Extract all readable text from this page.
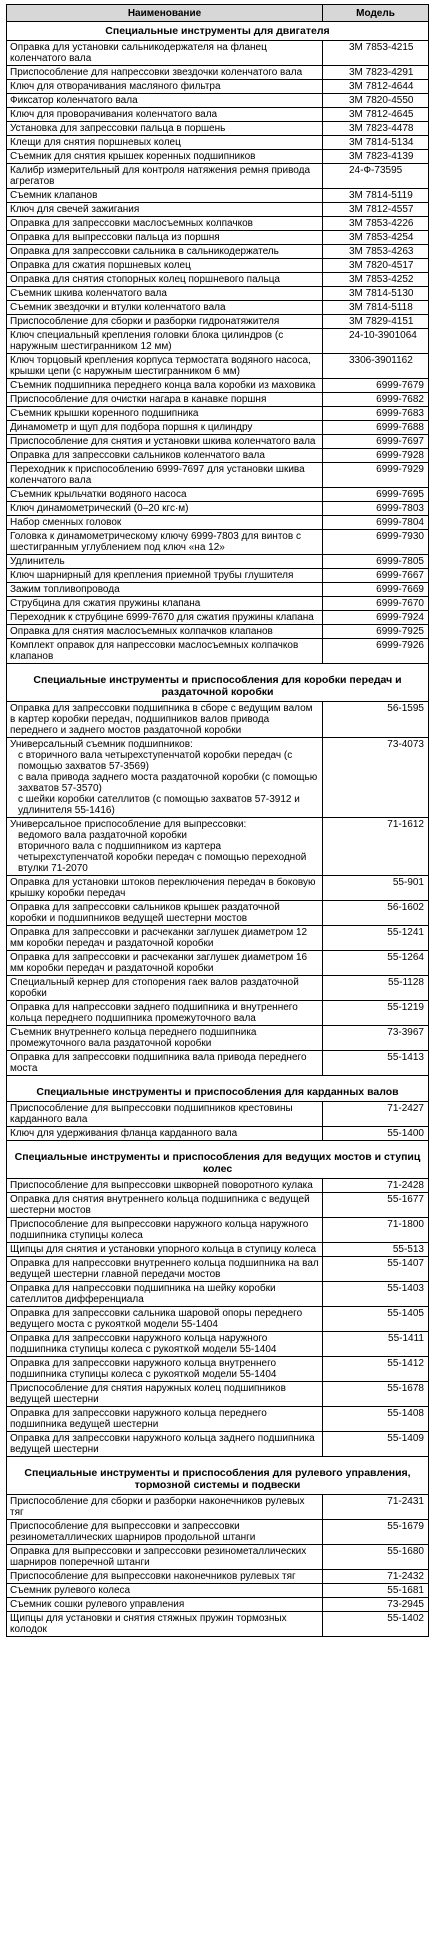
Наименование	Модель
Специальные инструменты для двигателя	
Оправка для установки сальникодержателя на фланец коленчатого вала	3М 7853-4215
Приспособление для напрессовки звездочки коленчатого вала	3М 7823-4291
Ключ для отворачивания масляного фильтра	3М 7812-4644
Фиксатор коленчатого вала	3М 7820-4550
Ключ для проворачивания коленчатого вала	3М 7812-4645
Установка для запрессовки пальца в поршень	3М 7823-4478
Клещи для снятия поршневых колец	3М 7814-5134
Съемник для снятия крышек коренных подшипников	3М 7823-4139
Калибр измерительный для контроля натяжения ремня привода агрегатов	24-Ф-73595
Съемник клапанов	3М 7814-5119
Ключ для свечей зажигания	3М 7812-4557
Оправка для запрессовки маслосъемных колпачков	3М 7853-4226
Оправка для выпрессовки пальца из поршня	3М 7853-4254
Оправка для запрессовки сальника в сальникодержатель	3М 7853-4263
Оправка для сжатия поршневых колец	3М 7820-4517
Оправка для снятия стопорных колец поршневого пальца	3М 7853-4252
Съемник шкива коленчатого вала	3М 7814-5130
Съемник звездочки и втулки коленчатого вала	3М 7814-5118
Приспособление для сборки и разборки гидронатяжителя	3М 7829-4151
Ключ специальный крепления головки блока цилиндров (с наружным шестигранником 12 мм)	24-10-3901064
Ключ торцовый крепления корпуса термостата водяного насоса, крышки цепи (с наружным шестигранником 6 мм)	3306-3901162
Съемник подшипника переднего конца вала коробки из маховика	6999-7679
Приспособление для очистки нагара в канавке поршня	6999-7682
Съемник крышки коренного подшипника	6999-7683
Динамометр и щуп для подбора поршня к цилиндру	6999-7688
Приспособление для снятия и установки шкива коленчатого вала	6999-7697
Оправка для запрессовки сальников коленчатого вала	6999-7928
Переходник к приспособлению 6999-7697 для установки шкива коленчатого вала	6999-7929
Съемник крыльчатки водяного насоса	6999-7695
Ключ динамометрический (0–20 кгс·м)	6999-7803
Набор сменных головок	6999-7804
Головка к динамометрическому ключу 6999-7803 для винтов с шестигранным углублением под ключ «на 12»	6999-7930
Удлинитель	6999-7805
Ключ шарнирный для крепления приемной трубы глушителя	6999-7667
Зажим топливопровода	6999-7669
Струбцина для сжатия пружины клапана	6999-7670
Переходник к струбцине 6999-7670 для сжатия пружины клапана	6999-7924
Оправка для снятия маслосъемных колпачков клапанов	6999-7925
Комплект оправок для напрессовки маслосъемных колпачков клапанов	6999-7926
Специальные инструменты и приспособления для коробки передач и раздаточной коробки	
Оправка для запрессовки подшипника в сборе с ведущим валом в картер коробки передач, подшипников валов привода переднего и заднего мостов раздаточной коробки	56-1595
Универсальный съемник подшипников:
с вторичного вала четырехступенчатой коробки передач (с помощью захватов 57-3569)
с вала привода заднего моста раздаточной коробки (с помощью захватов 57-3570)
с шейки коробки сателлитов (с помощью захватов 57-3912 и удлинителя 55-1416)	73-4073
Универсальное приспособление для выпрессовки:
ведомого вала раздаточной коробки
вторичного вала с подшипником из картера четырехступенчатой коробки передач с помощью переходной втулки 71-2070	71-1612
Оправка для установки штоков переключения передач в боковую крышку коробки передач	55-901
Оправка для запрессовки сальников крышек раздаточной коробки и подшипников ведущей шестерни мостов	56-1602
Оправка для запрессовки и расчеканки заглушек диаметром 12 мм коробки передач и раздаточной коробки	55-1241
Оправка для запрессовки и расчеканки заглушек диаметром 16 мм коробки передач и раздаточной коробки	55-1264
Специальный кернер для стопорения гаек валов раздаточной коробки	55-1128
Оправка для напрессовки заднего подшипника и внутреннего кольца переднего подшипника промежуточного вала	55-1219
Съемник внутреннего кольца переднего подшипника промежуточного вала раздаточной коробки	73-3967
Оправка для запрессовки подшипника вала привода переднего моста	55-1413
Специальные инструменты и приспособления для карданных валов	
Приспособление для выпрессовки подшипников крестовины карданного вала	71-2427
Ключ для удерживания фланца карданного вала	55-1400
Специальные инструменты и приспособления для ведущих мостов и ступиц колес	
Приспособление для выпрессовки шкворней поворотного кулака	71-2428
Оправка для снятия внутреннего кольца подшипника с ведущей шестерни мостов	55-1677
Приспособление для выпрессовки наружного кольца наружного подшипника ступицы колеса	71-1800
Щипцы для снятия и установки упорного кольца в ступицу колеса	55-513
Оправка для напрессовки внутреннего кольца подшипника на вал ведущей шестерни главной передачи мостов	55-1407
Оправка для напрессовки подшипника на шейку коробки сателлитов дифференциала	55-1403
Оправка для запрессовки сальника шаровой опоры переднего ведущего моста с рукояткой модели 55-1404	55-1405
Оправка для запрессовки наружного кольца наружного подшипника ступицы колеса с рукояткой модели 55-1404	55-1411
Оправка для запрессовки наружного кольца внутреннего подшипника ступицы колеса с рукояткой модели 55-1404	55-1412
Приспособление для снятия наружных колец подшипников ведущей шестерни	55-1678
Оправка для запрессовки наружного кольца переднего подшипника ведущей шестерни	55-1408
Оправка для запрессовки наружного кольца заднего подшипника ведущей шестерни	55-1409
Специальные инструменты и приспособления для рулевого управления, тормозной системы и подвески	
Приспособление для сборки и разборки наконечников рулевых тяг	71-2431
Приспособление для выпрессовки и запрессовки резинометаллических шарниров продольной штанги	55-1679
Оправка для выпрессовки и запрессовки резинометаллических шарниров поперечной штанги	55-1680
Приспособление для выпрессовки наконечников рулевых тяг	71-2432
Съемник рулевого колеса	55-1681
Съемник сошки рулевого управления	73-2945
Щипцы для установки и снятия стяжных пружин тормозных колодок	55-1402
